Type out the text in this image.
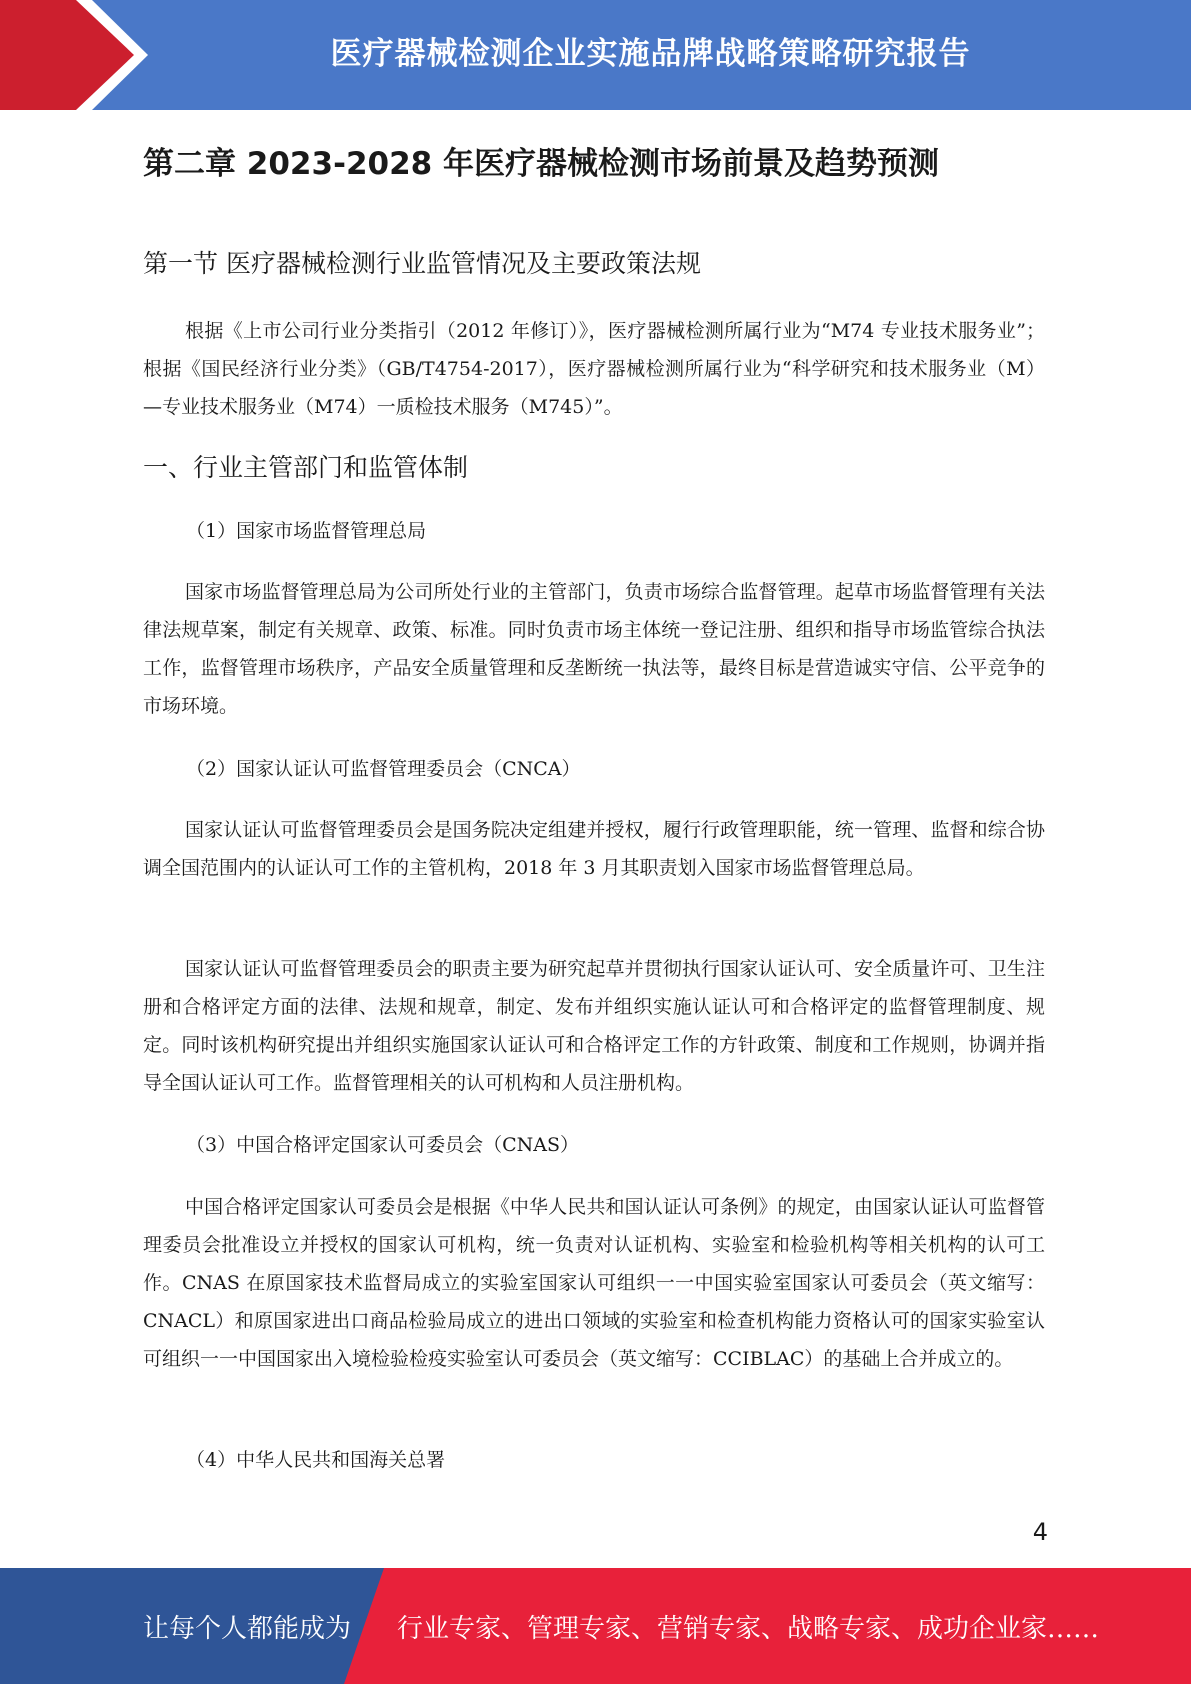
医疗器械检测企业实施品牌战略策略研究报告
第二章 2023-2028 年医疗器械检测市场前景及趋势预测
第一节 医疗器械检测行业监管情况及主要政策法规

根据《上市公司行业分类指引（2012 年修订）》，医疗器械检测所属行业为“M74 专业技术服务业”；根据《国民经济行业分类》（GB/T4754-2017），医疗器械检测所属行业为“科学研究和技术服务业（M）—专业技术服务业（M74）一质检技术服务（M745）”。

一、行业主管部门和监管体制

（1）国家市场监督管理总局

国家市场监督管理总局为公司所处行业的主管部门，负责市场综合监督管理。起草市场监督管理有关法律法规草案，制定有关规章、政策、标准。同时负责市场主体统一登记注册、组织和指导市场监管综合执法工作，监督管理市场秩序，产品安全质量管理和反垄断统一执法等，最终目标是营造诚实守信、公平竞争的市场环境。

（2）国家认证认可监督管理委员会（CNCA）

国家认证认可监督管理委员会是国务院决定组建并授权，履行行政管理职能，统一管理、监督和综合协调全国范围内的认证认可工作的主管机构，2018 年 3 月其职责划入国家市场监督管理总局。

国家认证认可监督管理委员会的职责主要为研究起草并贯彻执行国家认证认可、安全质量许可、卫生注册和合格评定方面的法律、法规和规章，制定、发布并组织实施认证认可和合格评定的监督管理制度、规定。同时该机构研究提出并组织实施国家认证认可和合格评定工作的方针政策、制度和工作规则，协调并指导全国认证认可工作。监督管理相关的认可机构和人员注册机构。

（3）中国合格评定国家认可委员会（CNAS）

中国合格评定国家认可委员会是根据《中华人民共和国认证认可条例》的规定，由国家认证认可监督管理委员会批准设立并授权的国家认可机构，统一负责对认证机构、实验室和检验机构等相关机构的认可工作。CNAS 在原国家技术监督局成立的实验室国家认可组织一一中国实验室国家认可委员会（英文缩写：CNACL）和原国家进出口商品检验局成立的进出口领域的实验室和检查机构能力资格认可的国家实验室认可组织一一中国国家出入境检验检疫实验室认可委员会（英文缩写：CCIBLAC）的基础上合并成立的。

（4）中华人民共和国海关总署

4
让每个人都能成为 行业专家、管理专家、营销专家、战略专家、成功企业家……
